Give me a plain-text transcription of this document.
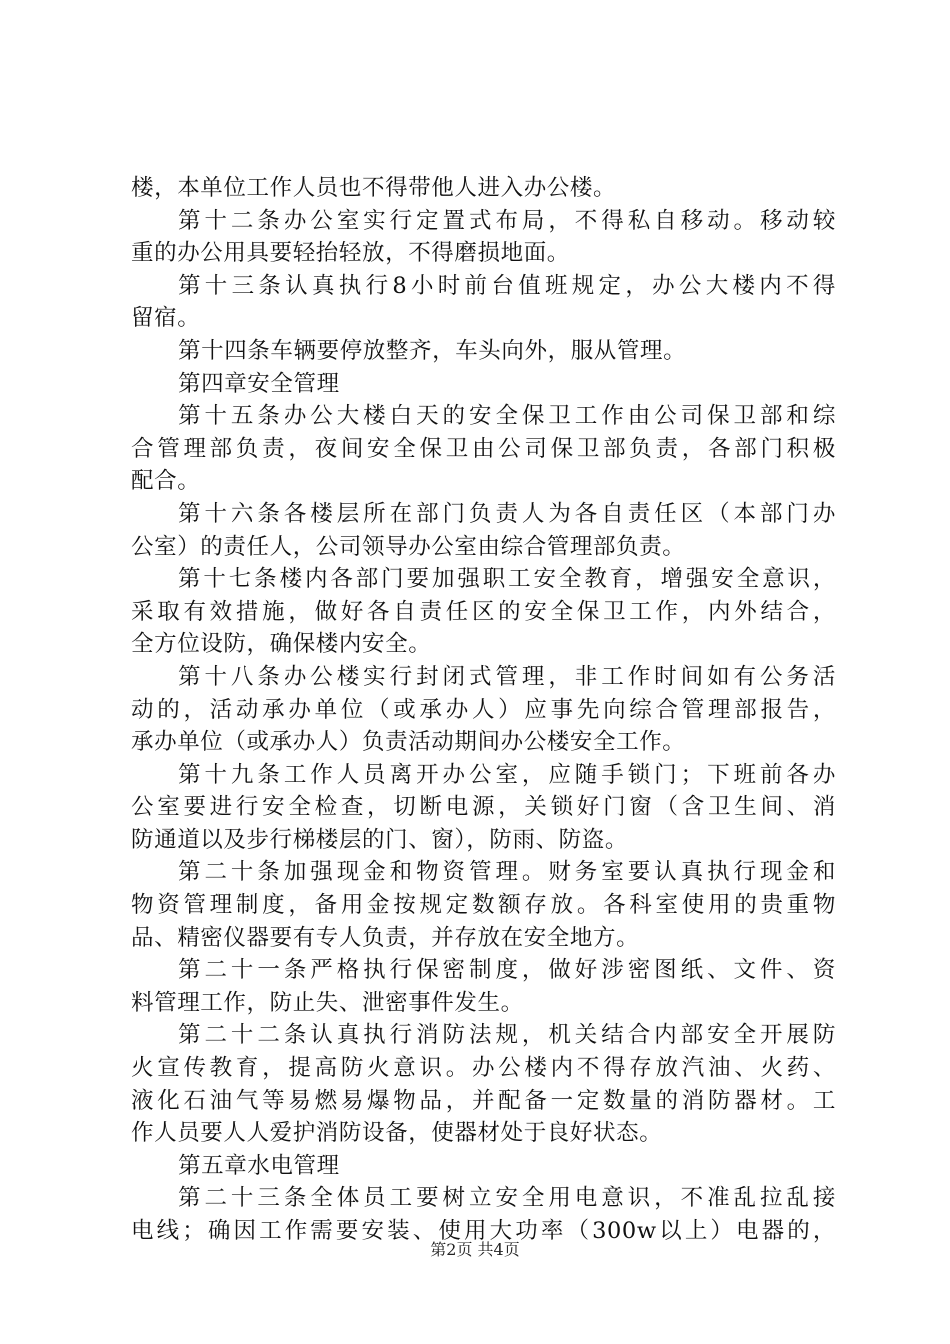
楼，本单位工作人员也不得带他人进入办公楼。
第十二条办公室实行定置式布局，不得私自移动。移动较
重的办公用具要轻抬轻放，不得磨损地面。
第十三条认真执行8小时前台值班规定，办公大楼内不得
留宿。
第十四条车辆要停放整齐，车头向外，服从管理。
第四章安全管理
第十五条办公大楼白天的安全保卫工作由公司保卫部和综
合管理部负责，夜间安全保卫由公司保卫部负责，各部门积极
配合。
第十六条各楼层所在部门负责人为各自责任区（本部门办
公室）的责任人，公司领导办公室由综合管理部负责。
第十七条楼内各部门要加强职工安全教育，增强安全意识，
采取有效措施，做好各自责任区的安全保卫工作，内外结合，
全方位设防，确保楼内安全。
第十八条办公楼实行封闭式管理，非工作时间如有公务活
动的，活动承办单位（或承办人）应事先向综合管理部报告，
承办单位（或承办人）负责活动期间办公楼安全工作。
第十九条工作人员离开办公室，应随手锁门；下班前各办
公室要进行安全检查，切断电源，关锁好门窗（含卫生间、消
防通道以及步行梯楼层的门、窗），防雨、防盗。
第二十条加强现金和物资管理。财务室要认真执行现金和
物资管理制度，备用金按规定数额存放。各科室使用的贵重物
品、精密仪器要有专人负责，并存放在安全地方。
第二十一条严格执行保密制度，做好涉密图纸、文件、资
料管理工作，防止失、泄密事件发生。
第二十二条认真执行消防法规，机关结合内部安全开展防
火宣传教育，提高防火意识。办公楼内不得存放汽油、火药、
液化石油气等易燃易爆物品，并配备一定数量的消防器材。工
作人员要人人爱护消防设备，使器材处于良好状态。
第五章水电管理
第二十三条全体员工要树立安全用电意识，不准乱拉乱接
电线；确因工作需要安装、使用大功率（300w以上）电器的，
第2页 共4页
